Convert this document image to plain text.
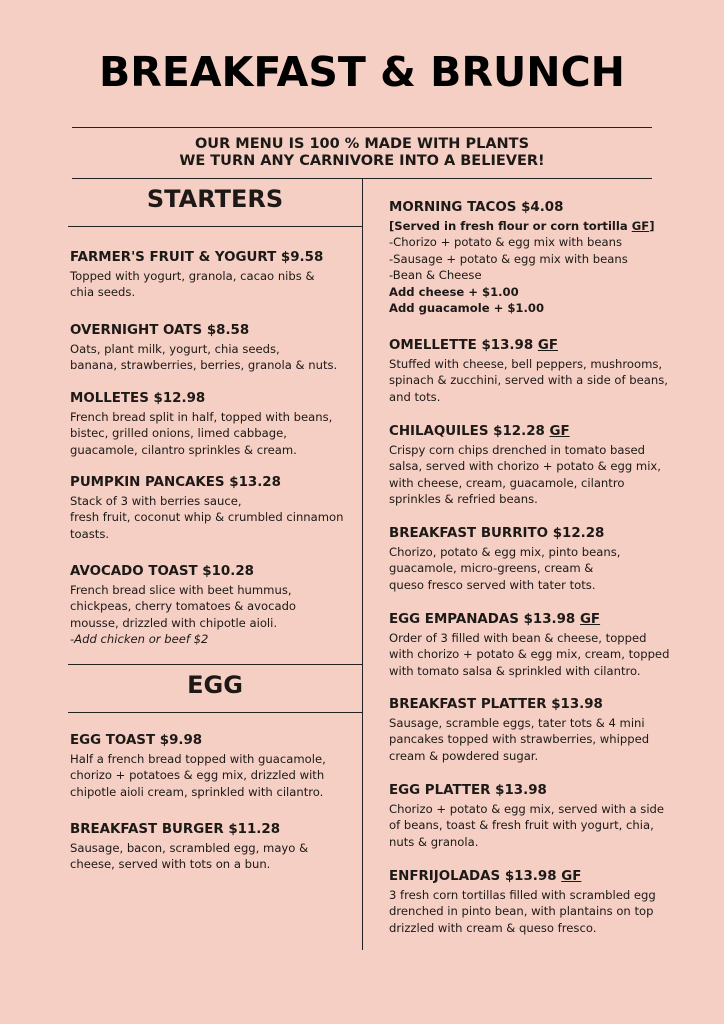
BREAKFAST & BRUNCH
OUR MENU IS 100 % MADE WITH PLANTS
WE TURN ANY CARNIVORE INTO A BELIEVER!
STARTERS
FARMER'S FRUIT & YOGURT $9.58
Topped with yogurt, granola, cacao nibs &
chia seeds.
OVERNIGHT OATS $8.58
Oats, plant milk, yogurt, chia seeds,
banana, strawberries, berries, granola & nuts.
MOLLETES $12.98
French bread split in half, topped with beans,
bistec, grilled onions, limed cabbage,
guacamole, cilantro sprinkles & cream.
PUMPKIN PANCAKES $13.28
Stack of 3 with berries sauce,
fresh fruit, coconut whip & crumbled cinnamon
toasts.
AVOCADO TOAST $10.28
French bread slice with beet hummus,
chickpeas, cherry tomatoes & avocado
mousse, drizzled with chipotle aioli.
-Add chicken or beef $2
EGG
EGG TOAST $9.98
Half a french bread topped with guacamole,
chorizo + potatoes & egg mix, drizzled with
chipotle aioli cream, sprinkled with cilantro.
BREAKFAST BURGER $11.28
Sausage, bacon, scrambled egg, mayo &
cheese, served with tots on a bun.
MORNING TACOS $4.08
[Served in fresh flour or corn tortilla GF]
-Chorizo + potato & egg mix with beans
-Sausage + potato & egg mix with beans
-Bean & Cheese
Add cheese + $1.00
Add guacamole + $1.00
OMELLETTE $13.98 GF
Stuffed with cheese, bell peppers, mushrooms,
spinach & zucchini, served with a side of beans,
and tots.
CHILAQUILES $12.28 GF
Crispy corn chips drenched in tomato based
salsa, served with chorizo + potato & egg mix,
with cheese, cream, guacamole, cilantro
sprinkles & refried beans.
BREAKFAST BURRITO $12.28
Chorizo, potato & egg mix, pinto beans,
guacamole, micro-greens, cream &
queso fresco served with tater tots.
EGG EMPANADAS $13.98 GF
Order of 3 filled with bean & cheese, topped
with chorizo + potato & egg mix, cream, topped
with tomato salsa & sprinkled with cilantro.
BREAKFAST PLATTER $13.98
Sausage, scramble eggs, tater tots & 4 mini
pancakes topped with strawberries, whipped
cream & powdered sugar.
EGG PLATTER $13.98
Chorizo + potato & egg mix, served with a side
of beans, toast & fresh fruit with yogurt, chia,
nuts & granola.
ENFRIJOLADAS $13.98 GF
3 fresh corn tortillas filled with scrambled egg
drenched in pinto bean, with plantains on top
drizzled with cream & queso fresco.
